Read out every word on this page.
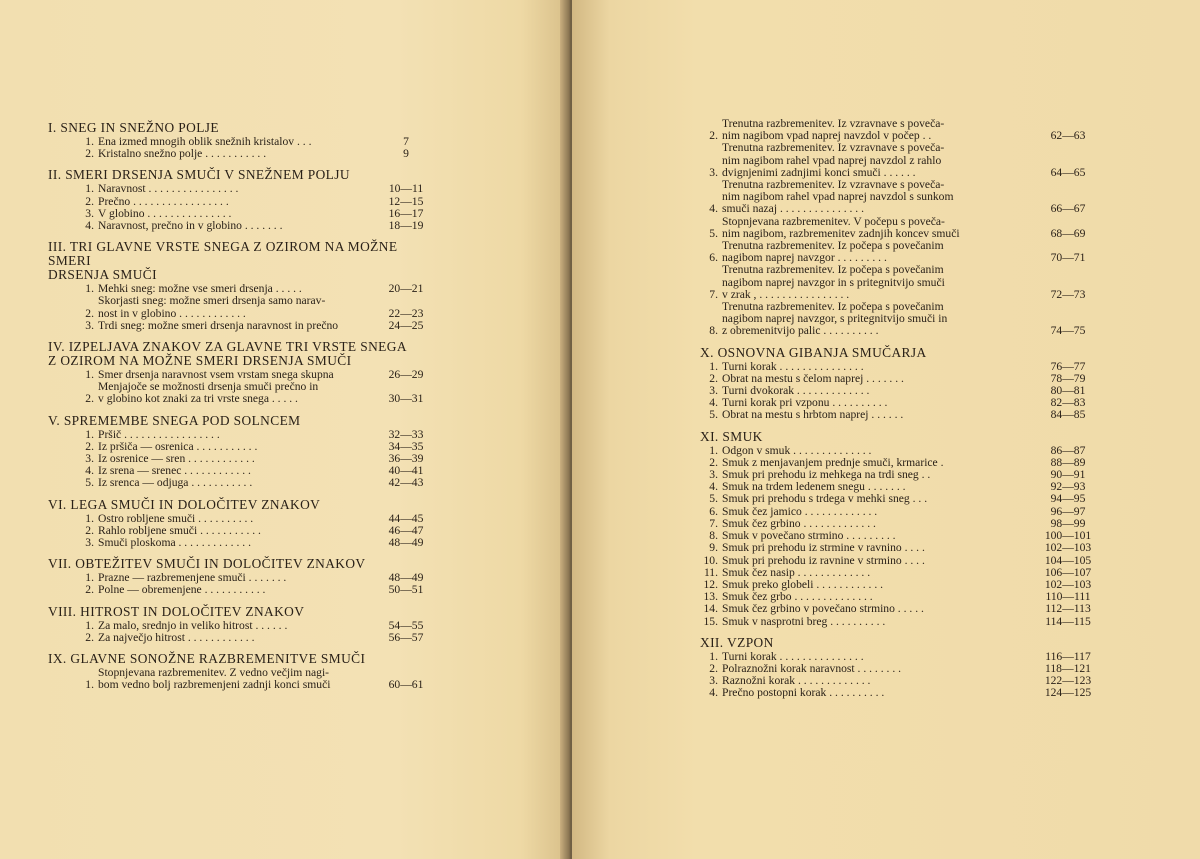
I. SNEG IN SNEŽNO POLJE
1. Ena izmed mnogih oblik snežnih kristalov . . .	7
2. Kristalno snežno polje . . . . . . . . . . .	9
II. SMERI DRSENJA SMUČI V SNEŽNEM POLJU
1. Naravnost . . . . . . . . . . . . . . . .	10—11
2. Prečno . . . . . . . . . . . . . . . . .	12—15
3. V globino . . . . . . . . . . . . . . .	16—17
4. Naravnost, prečno in v globino . . . . . . .	18—19
III. TRI GLAVNE VRSTE SNEGA Z OZIROM NA MOŽNE SMERI
DRSENJA SMUČI
1. Mehki sneg: možne vse smeri drsenja . . . . .	20—21
2.
Skorjasti sneg: možne smeri drsenja samo narav-
nost in v globino . . . . . . . . . . . .	22—23
3. Trdi sneg: možne smeri drsenja naravnost in prečno	24—25
IV. IZPELJAVA ZNAKOV ZA GLAVNE TRI VRSTE SNEGA
Z OZIROM NA MOŽNE SMERI DRSENJA SMUČI
1. Smer drsenja naravnost vsem vrstam snega skupna	26—29
2.
Menjajoče se možnosti drsenja smuči prečno in
v globino kot znaki za tri vrste snega . . . . .	30—31
V. SPREMEMBE SNEGA POD SOLNCEM
1. Pršič . . . . . . . . . . . . . . . . .	32—33
2. Iz pršiča — osrenica . . . . . . . . . . .	34—35
3. Iz osrenice — sren . . . . . . . . . . . .	36—39
4. Iz srena — srenec . . . . . . . . . . . .	40—41
5. Iz srenca — odjuga . . . . . . . . . . .	42—43
VI. LEGA SMUČI IN DOLOČITEV ZNAKOV
1. Ostro robljene smuči . . . . . . . . . .	44—45
2. Rahlo robljene smuči . . . . . . . . . . .	46—47
3. Smuči ploskoma . . . . . . . . . . . . .	48—49
VII. OBTEŽITEV SMUČI IN DOLOČITEV ZNAKOV
1. Prazne — razbremenjene smuči . . . . . . .	48—49
2. Polne — obremenjene . . . . . . . . . . .	50—51
VIII. HITROST IN DOLOČITEV ZNAKOV
1. Za malo, srednjo in veliko hitrost . . . . . .	54—55
2. Za največjo hitrost . . . . . . . . . . . .	56—57
IX. GLAVNE SONOŽNE RAZBREMENITVE SMUČI
1.
Stopnjevana razbremenitev. Z vedno večjim nagi-
bom vedno bolj razbremenjeni zadnji konci smuči	60—61
2.
Trenutna razbremenitev. Iz vzravnave s povečа-
nim nagibom vpad naprej navzdol v počep . .	62—63
3.
Trenutna razbremenitev. Iz vzravnave s poveča-
nim nagibom rahel vpad naprej navzdol z rahlo
dvignjenimi zadnjimi konci smuči . . . . . .	64—65
4.
Trenutna razbremenitev. Iz vzravnave s poveča-
nim nagibom rahel vpad naprej navzdol s sunkom
smuči nazaj . . . . . . . . . . . . . . .	66—67
5.
Stopnjevana razbremenitev. V počepu s poveča-
nim nagibom, razbremenitev zadnjih koncev smuči	68—69
6.
Trenutna razbremenitev. Iz počepa s povečanim
nagibom naprej navzgor . . . . . . . . .	70—71
7.
Trenutna razbremenitev. Iz počepa s povečanim
nagibom naprej navzgor in s pritegnitvijo smuči
v zrak , . . . . . . . . . . . . . . . .	72—73
8.
Trenutna razbremenitev. Iz počepa s povečanim
nagibom naprej navzgor, s pritegnitvijo smuči in
z obremenitvijo palic . . . . . . . . . .	74—75
X. OSNOVNA GIBANJA SMUČARJA
1. Turni korak . . . . . . . . . . . . . . .	76—77
2. Obrat na mestu s čelom naprej . . . . . . .	78—79
3. Turni dvokorak . . . . . . . . . . . . .	80—81
4. Turni korak pri vzponu . . . . . . . . . .	82—83
5. Obrat na mestu s hrbtom naprej . . . . . .	84—85
XI. SMUK
1. Odgon v smuk . . . . . . . . . . . . . .	86—87
2. Smuk z menjavanjem prednje smuči, krmarice .	88—89
3. Smuk pri prehodu iz mehkega na trdi sneg . .	90—91
4. Smuk na trdem ledenem snegu . . . . . . .	92—93
5. Smuk pri prehodu s trdega v mehki sneg . . .	94—95
6. Smuk čez jamico . . . . . . . . . . . . .	96—97
7. Smuk čez grbino . . . . . . . . . . . . .	98—99
8. Smuk v povečano strmino . . . . . . . . .	100—101
9. Smuk pri prehodu iz strmine v ravnino . . . .	102—103
10. Smuk pri prehodu iz ravnine v strmino . . . .	104—105
11. Smuk čez nasip . . . . . . . . . . . . .	106—107
12. Smuk preko globeli . . . . . . . . . . . .	102—103
13. Smuk čez grbo . . . . . . . . . . . . . .	110—111
14. Smuk čez grbino v povečano strmino . . . . .	112—113
15. Smuk v nasprotni breg . . . . . . . . . .	114—115
XII. VZPON
1. Turni korak . . . . . . . . . . . . . . .	116—117
2. Polraznožni korak naravnost . . . . . . . .	118—121
3. Raznožni korak . . . . . . . . . . . . .	122—123
4. Prečno postopni korak . . . . . . . . . .	124—125
